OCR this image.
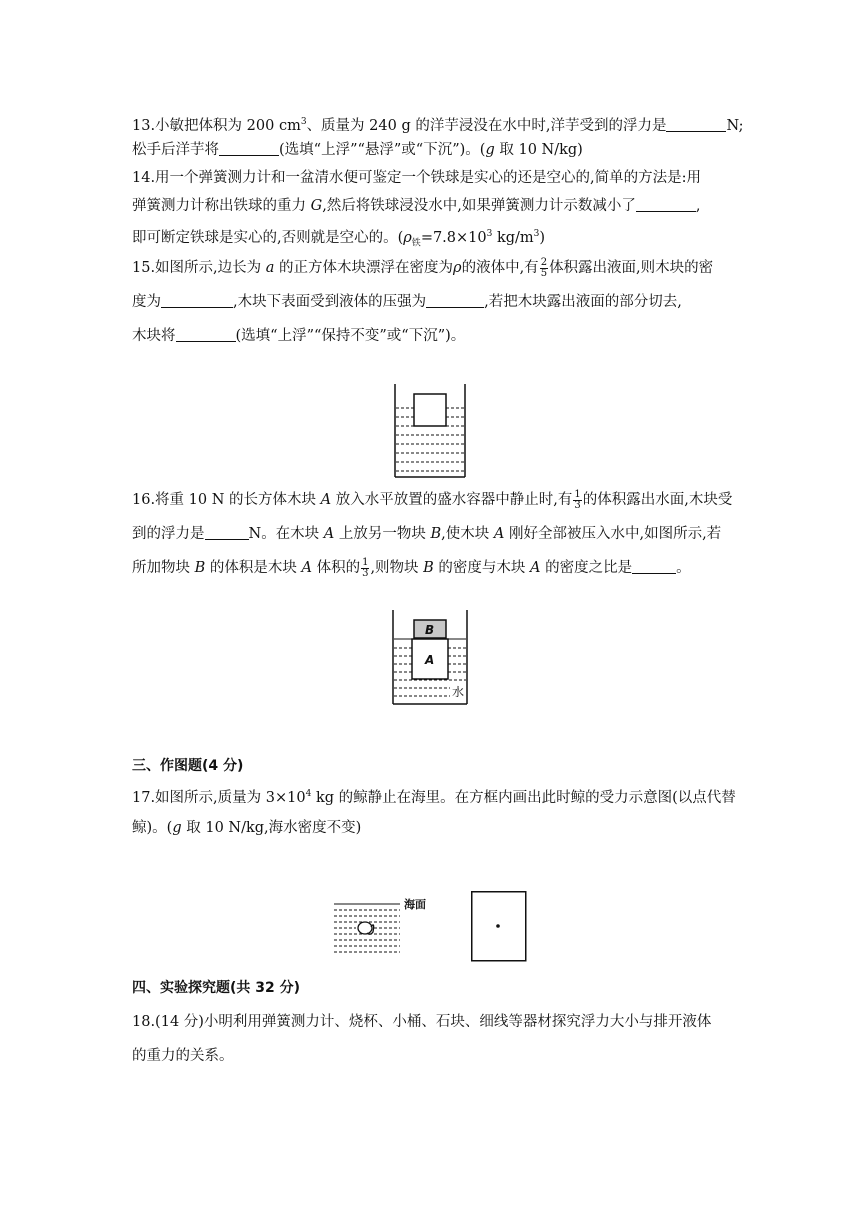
13.小敏把体积为 200 $cm^3$、质量为 240 g 的洋芋浸没在水中时,洋芋受到的浮力是	N;
松手后洋芋将	(选填“上浮”“悬浮”或“下沉”)。(g 取 10 N/kg)
14.用一个弹簧测力计和一盆清水便可鉴定一个铁球是实心的还是空心的,简单的方法是:用
弹簧测力计称出铁球的重力 G,然后将铁球浸没水中,如果弹簧测力计示数减小了	,
即可断定铁球是实心的,否则就是空心的。($\rho_铁=7.8\times 10^3$ $kg/m^3$)
15.如图所示,边长为 a 的正方体木块漂浮在密度为ρ的液体中,有 $\frac{2}{5}$ 体积露出液面,则木块的密
度为	,木块下表面受到液体的压强为	,若把木块露出液面的部分切去,
木块将	(选填“上浮”“保持不变”或“下沉”)。
16.将重 10 N 的长方体木块 A 放入水平放置的盛水容器中静止时,有 $\frac{1}{3}$ 的体积露出水面,木块受
到的浮力是	N。在木块 A 上放另一物块 B,使木块 A 刚好全部被压入水中,如图所示,若
所加物块 B 的体积是木块 A 体积的 $\frac{1}{3}$ ,则物块 B 的密度与木块 A 的密度之比是	。
B
A
水
三、作图题(4 分)
17.如图所示,质量为 $3\times 10^4$ kg 的鲸静止在海里。在方框内画出此时鲸的受力示意图(以点代替
鲸)。(g 取 10 N/kg,海水密度不变)
海面
四、实验探究题(共 32 分)
18.(14 分)小明利用弹簧测力计、烧杯、小桶、石块、细线等器材探究浮力大小与排开液体
的重力的关系。
